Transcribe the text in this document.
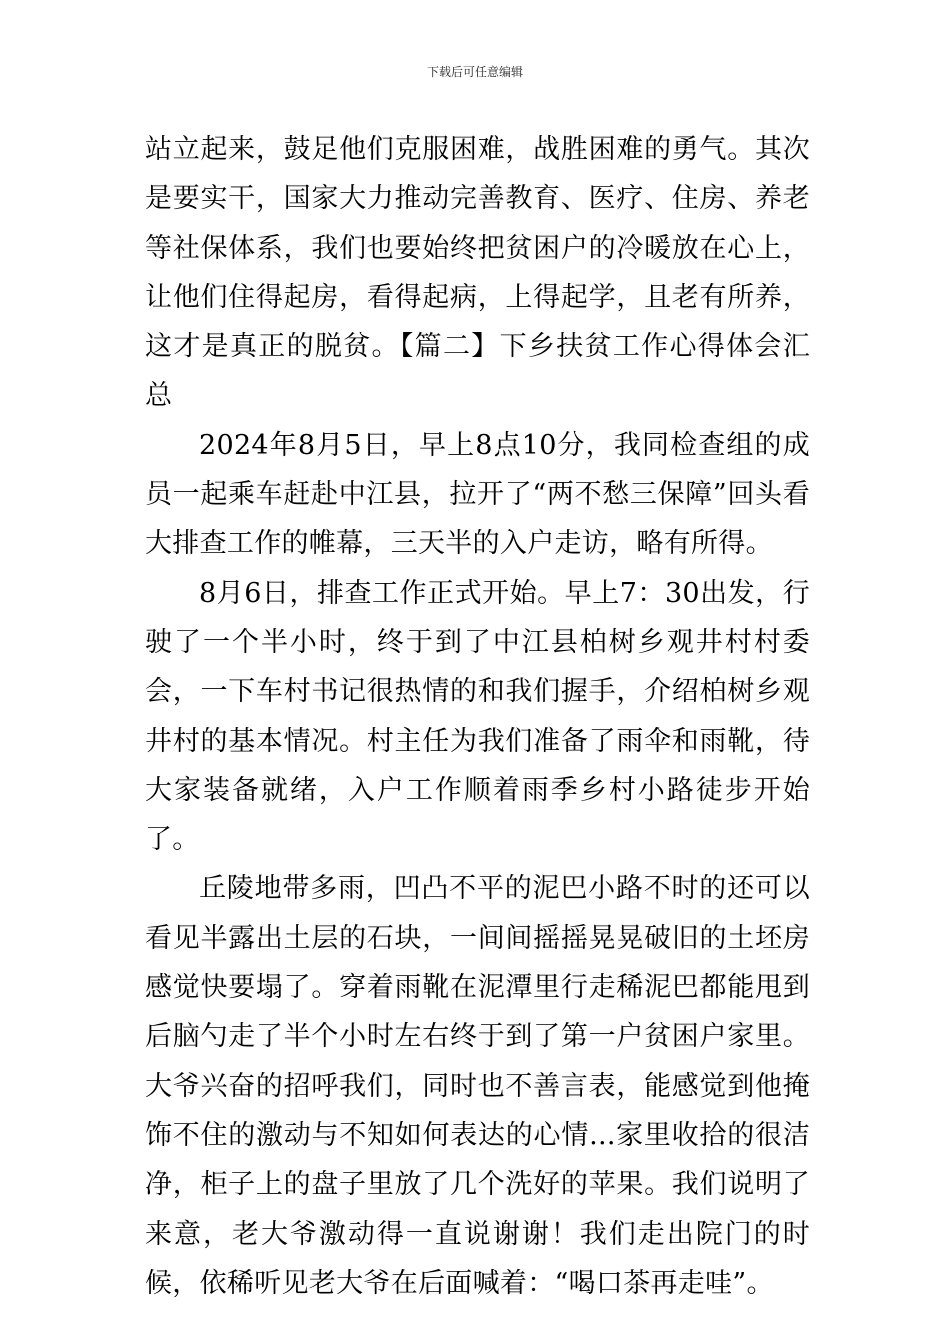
下载后可任意编辑

站立起来，鼓足他们克服困难，战胜困难的勇气。其次是要实干，国家大力推动完善教育、医疗、住房、养老等社保体系，我们也要始终把贫困户的冷暖放在心上，让他们住得起房，看得起病，上得起学，且老有所养，这才是真正的脱贫。【篇二】下乡扶贫工作心得体会汇总

2024年8月5日，早上8点10分，我同检查组的成员一起乘车赶赴中江县，拉开了“两不愁三保障”回头看大排查工作的帷幕，三天半的入户走访，略有所得。

8月6日，排查工作正式开始。早上7：30出发，行驶了一个半小时，终于到了中江县柏树乡观井村村委会，一下车村书记很热情的和我们握手，介绍柏树乡观井村的基本情况。村主任为我们准备了雨伞和雨靴，待大家装备就绪，入户工作顺着雨季乡村小路徒步开始了。

丘陵地带多雨，凹凸不平的泥巴小路不时的还可以看见半露出土层的石块，一间间摇摇晃晃破旧的土坯房感觉快要塌了。穿着雨靴在泥潭里行走稀泥巴都能甩到后脑勺走了半个小时左右终于到了第一户贫困户家里。大爷兴奋的招呼我们，同时也不善言表，能感觉到他掩饰不住的激动与不知如何表达的心情...家里收拾的很洁净，柜子上的盘子里放了几个洗好的苹果。我们说明了来意，老大爷激动得一直说谢谢！我们走出院门的时候，依稀听见老大爷在后面喊着：“喝口茶再走哇”。
